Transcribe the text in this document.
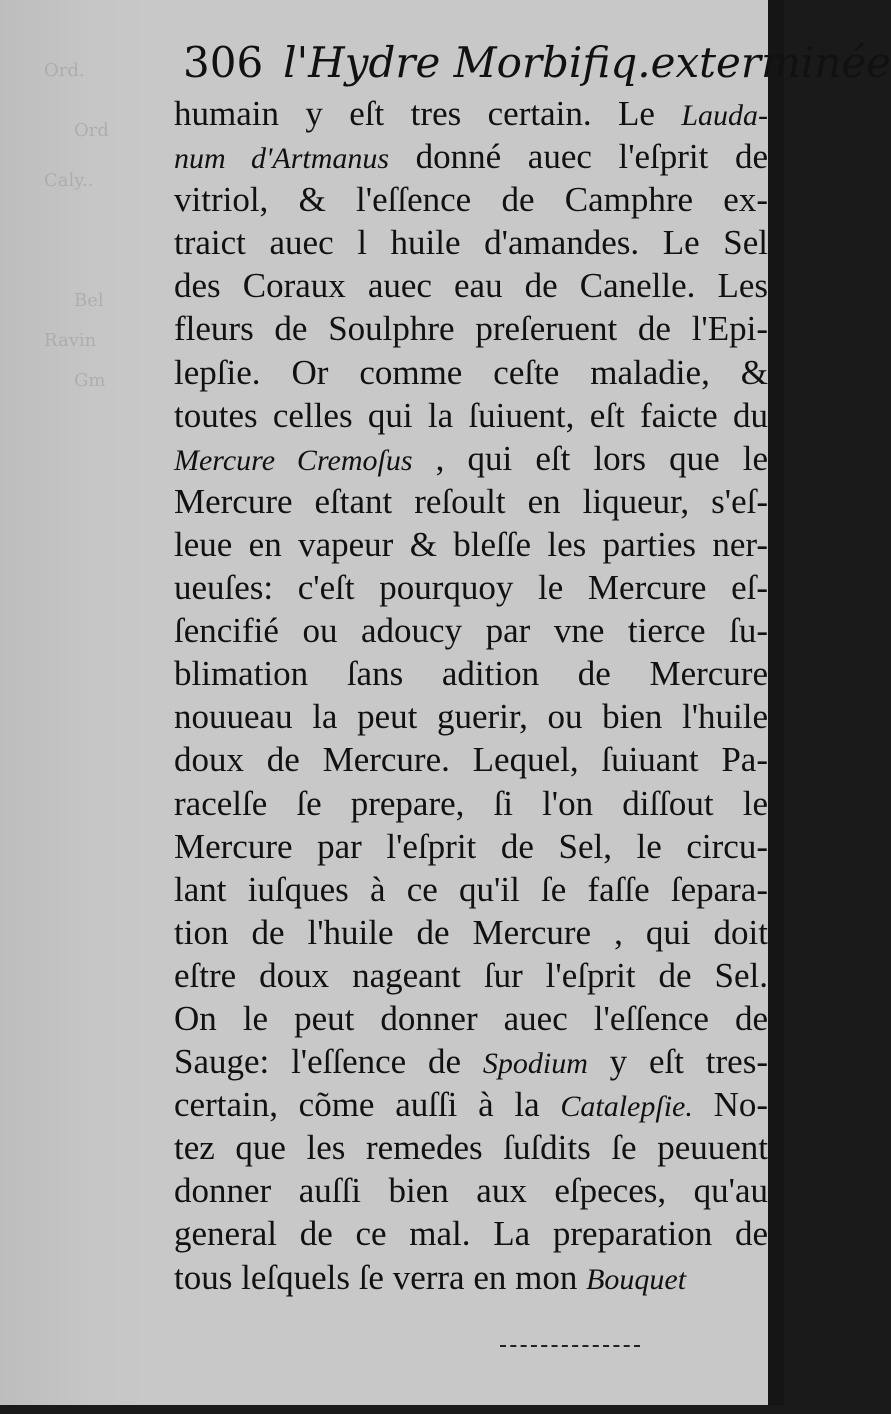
Ord.
Ord
Caly..
Bel
Ravin
Gm
306 l'Hydre Morbifiq.exterminée
humain y eſt tres certain. Le Lauda-
num d'Artmanus donné auec l'eſprit de
vitriol, & l'eſſence de Camphre ex-
traict auec l huile d'amandes. Le Sel
des Coraux auec eau de Canelle. Les
fleurs de Soulphre preſeruent de l'Epi-
lepſie. Or comme ceſte maladie, &
toutes celles qui la ſuiuent, eſt faicte du
Mercure Cremoſus , qui eſt lors que le
Mercure eſtant reſoult en liqueur, s'eſ-
leue en vapeur & bleſſe les parties ner-
ueuſes: c'eſt pourquoy le Mercure eſ-
ſencifié ou adoucy par vne tierce ſu-
blimation ſans adition de Mercure
nouueau la peut guerir, ou bien l'huile
doux de Mercure. Lequel, ſuiuant Pa-
racelſe ſe prepare, ſi l'on diſſout le
Mercure par l'eſprit de Sel, le circu-
lant iuſques à ce qu'il ſe faſſe ſepara-
tion de l'huile de Mercure , qui doit
eſtre doux nageant ſur l'eſprit de Sel.
On le peut donner auec l'eſſence de
Sauge: l'eſſence de Spodium y eſt tres-
certain, cõme auſſi à la Catalepſie. No-
tez que les remedes ſuſdits ſe peuuent
donner auſſi bien aux eſpeces, qu'au
general de ce mal. La preparation de
tous leſquels ſe verra en mon Bouquet
